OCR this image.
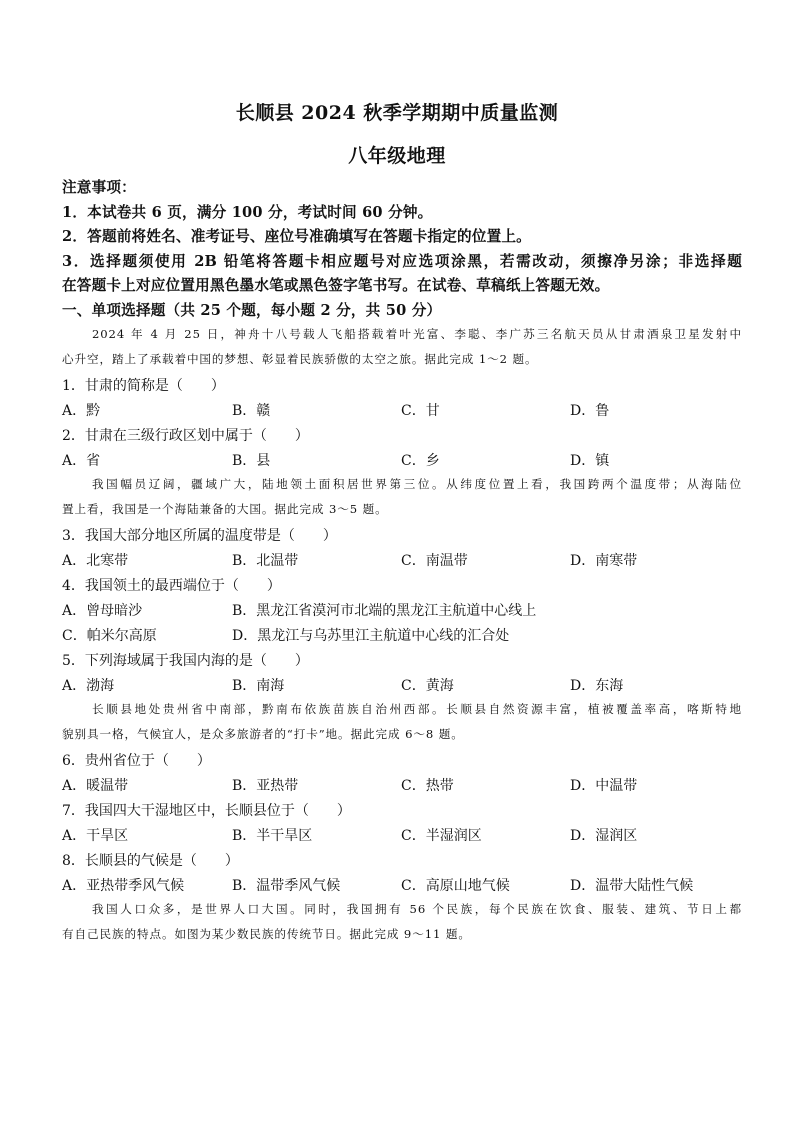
长顺县 2024 秋季学期期中质量监测
八年级地理
注意事项：
1．本试卷共 6 页，满分 100 分，考试时间 60 分钟。
2．答题前将姓名、准考证号、座位号准确填写在答题卡指定的位置上。
3．选择题须使用 2B 铅笔将答题卡相应题号对应选项涂黑，若需改动，须擦净另涂；非选择题
在答题卡上对应位置用黑色墨水笔或黑色签字笔书写。在试卷、草稿纸上答题无效。
一、单项选择题（共 25 个题，每小题 2 分，共 50 分）
2024 年 4 月 25 日，神舟十八号载人飞船搭载着叶光富、李聪、李广苏三名航天员从甘肃酒泉卫星发射中
心升空，踏上了承载着中国的梦想、彰显着民族骄傲的太空之旅。据此完成 1～2 题。
1．甘肃的简称是（　　）
A．黔	B．赣	C．甘	D．鲁
2．甘肃在三级行政区划中属于（　　）
A．省	B．县	C．乡	D．镇
我国幅员辽阔，疆域广大，陆地领土面积居世界第三位。从纬度位置上看，我国跨两个温度带；从海陆位
置上看，我国是一个海陆兼备的大国。据此完成 3～5 题。
3．我国大部分地区所属的温度带是（　　）
A．北寒带	B．北温带	C．南温带	D．南寒带
4．我国领土的最西端位于（　　）
A．曾母暗沙	B．黑龙江省漠河市北端的黑龙江主航道中心线上
C．帕米尔高原	D．黑龙江与乌苏里江主航道中心线的汇合处
5．下列海域属于我国内海的是（　　）
A．渤海	B．南海	C．黄海	D．东海
长顺县地处贵州省中南部，黔南布依族苗族自治州西部。长顺县自然资源丰富，植被覆盖率高，喀斯特地
貌别具一格，气候宜人，是众多旅游者的“打卡”地。据此完成 6～8 题。
6．贵州省位于（　　）
A．暖温带	B．亚热带	C．热带	D．中温带
7．我国四大干湿地区中，长顺县位于（　　）
A．干旱区	B．半干旱区	C．半湿润区	D．湿润区
8．长顺县的气候是（　　）
A．亚热带季风气候	B．温带季风气候	C．高原山地气候	D．温带大陆性气候
我国人口众多，是世界人口大国。同时，我国拥有 56 个民族，每个民族在饮食、服装、建筑、节日上都
有自己民族的特点。如图为某少数民族的传统节日。据此完成 9～11 题。
